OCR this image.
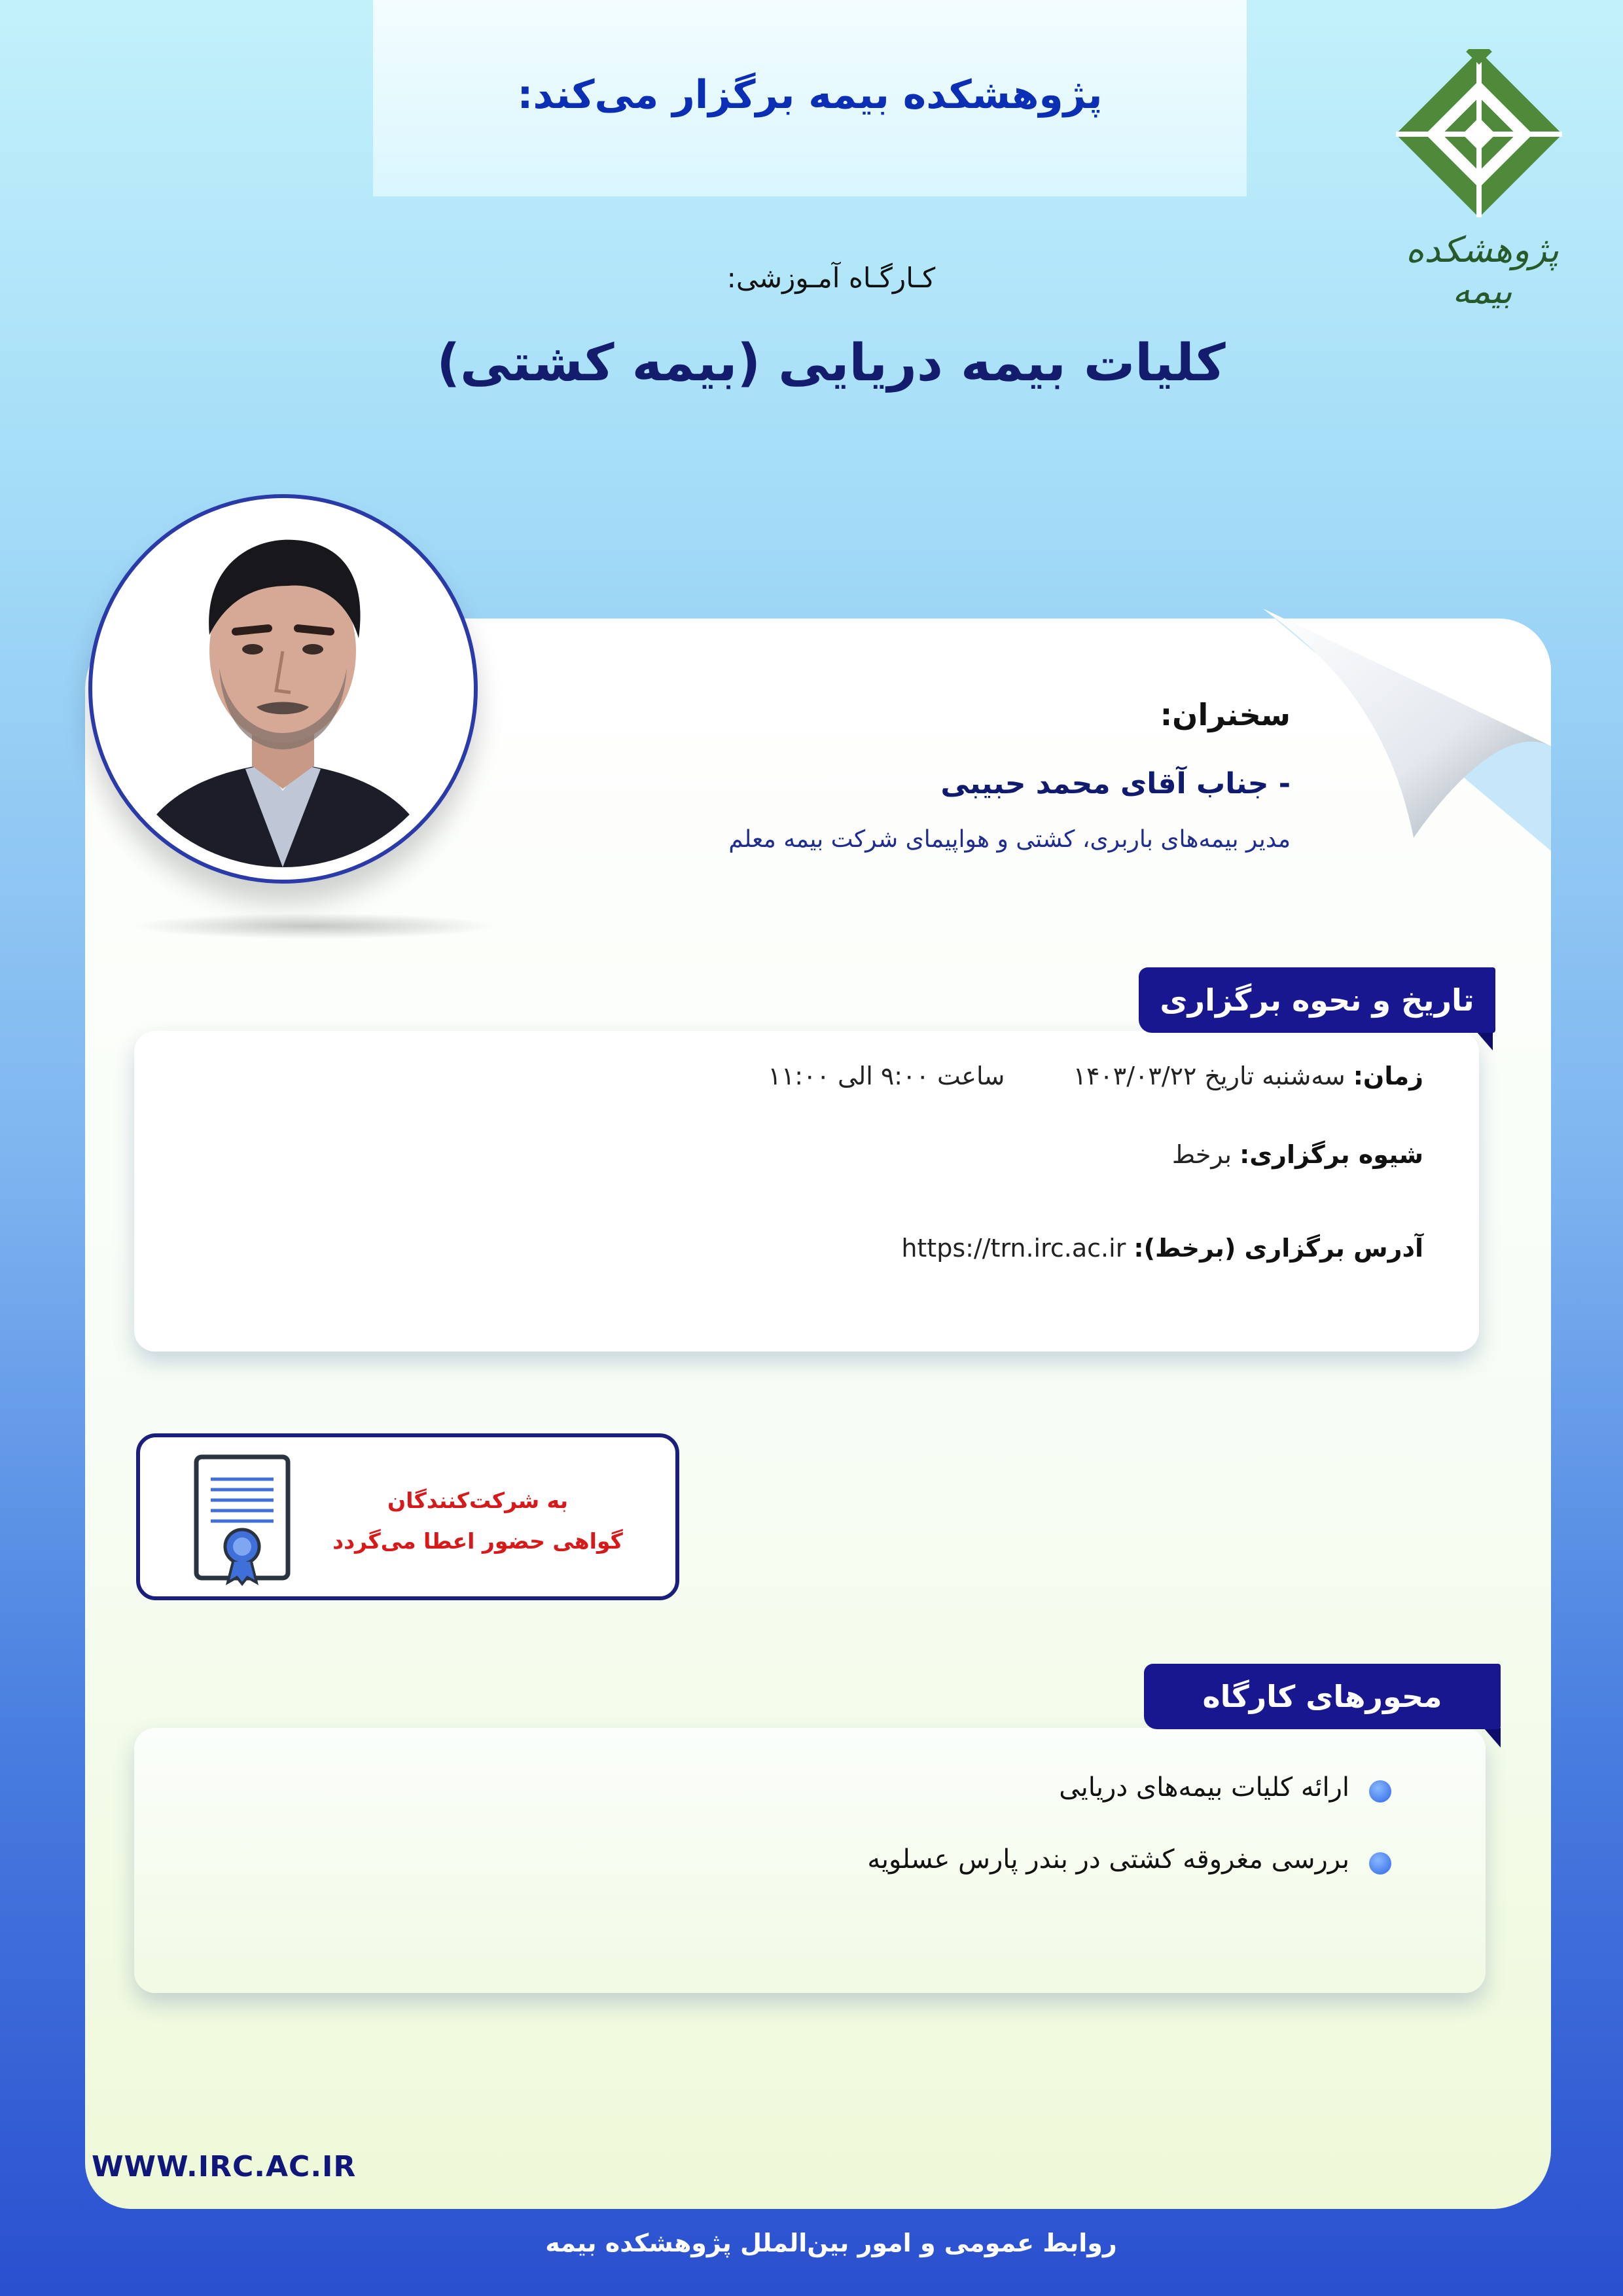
پژوهشکده بیمه برگزار می‌کند:
پژوهشکده بیمه
کـارگـاه آمـوزشی:
کلیات بیمه دریایی (بیمه کشتی)
سخنران:
- جناب آقای محمد حبیبی
مدیر بیمه‌های باربری، کشتی و هواپیمای شرکت بیمه معلم
تاریخ و نحوه برگزاری
زمان: سه‌شنبه تاریخ ۱۴۰۳/۰۳/۲۲  ساعت ۹:۰۰ الی ۱۱:۰۰
شیوه برگزاری: برخط
آدرس برگزاری (برخط): https://trn.irc.ac.ir
به شرکت‌کنندگان
گواهی حضور اعطا می‌گردد
محورهای کارگاه
ارائه کلیات بیمه‌های دریایی
بررسی مغروقه کشتی در بندر پارس عسلویه
WWW.IRC.AC.IR
روابط عمومی و امور بین‌الملل پژوهشکده بیمه
